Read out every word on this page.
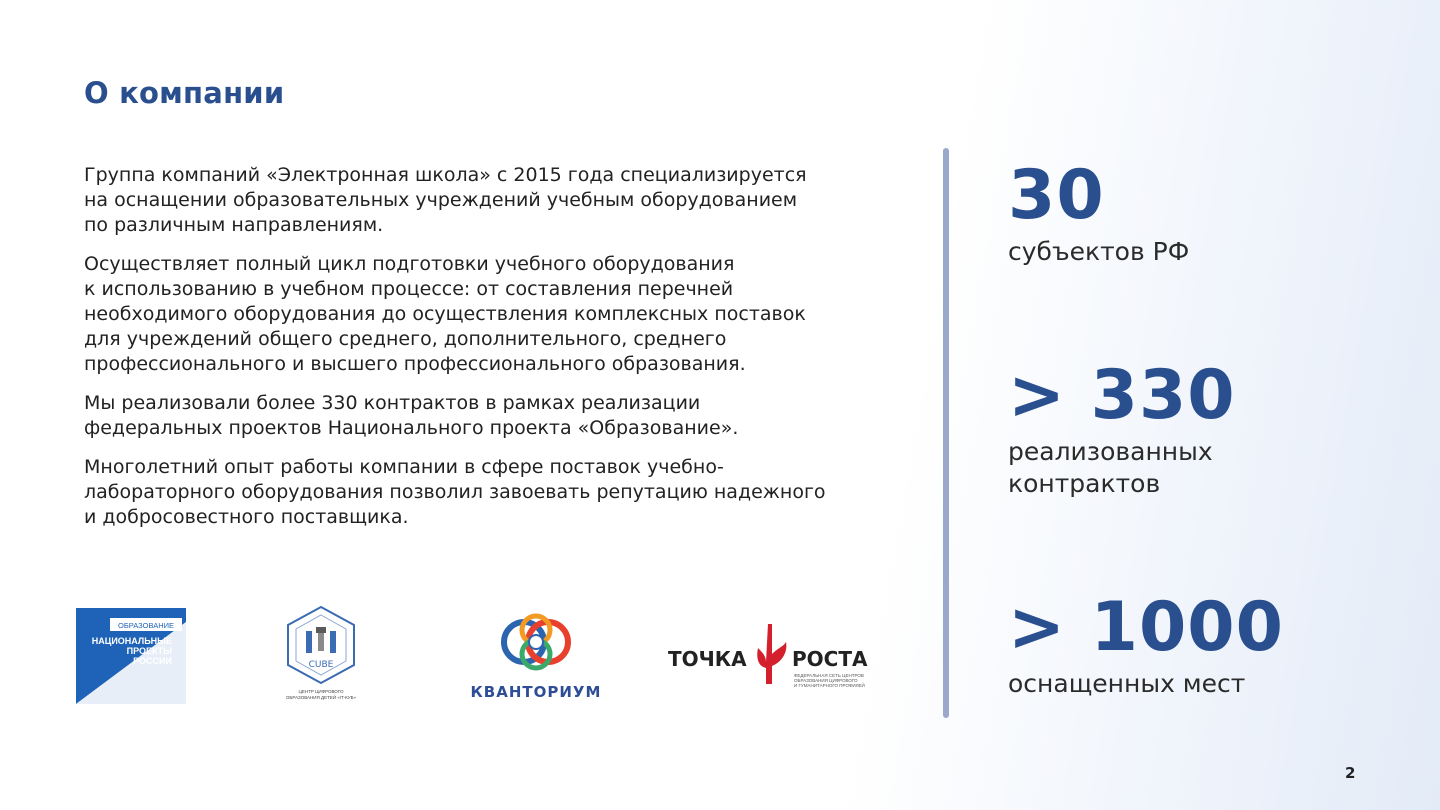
О компании

Группа компаний «Электронная школа» с 2015 года специализируется
на оснащении образовательных учреждений учебным оборудованием
по различным направлениям.

Осуществляет полный цикл подготовки учебного оборудования
к использованию в учебном процессе: от составления перечней
необходимого оборудования до осуществления комплексных поставок
для учреждений общего среднего, дополнительного, среднего
профессионального и высшего профессионального образования.

Мы реализовали более 330 контрактов в рамках реализации
федеральных проектов Национального проекта «Образование».

Многолетний опыт работы компании в сфере поставок учебно-
лабораторного оборудования позволил завоевать репутацию надежного
и добросовестного поставщика.

30
субъектов РФ
> 330
реализованных
контрактов
> 1000
оснащенных мест
ОБРАЗОВАНИЕ
НАЦИОНАЛЬНЫЕ
ПРОЕКТЫ
РОССИИ	CUBE
ЦЕНТР ЦИФРОВОГО
ОБРАЗОВАНИЯ ДЕТЕЙ «IT-КУБ»	КВАНТОРИУМ
ТОЧКА РОСТА
ФЕДЕРАЛЬНАЯ СЕТЬ ЦЕНТРОВ
ОБРАЗОВАНИЯ ЦИФРОВОГО
И ГУМАНИТАРНОГО ПРОФИЛЕЙ
2
